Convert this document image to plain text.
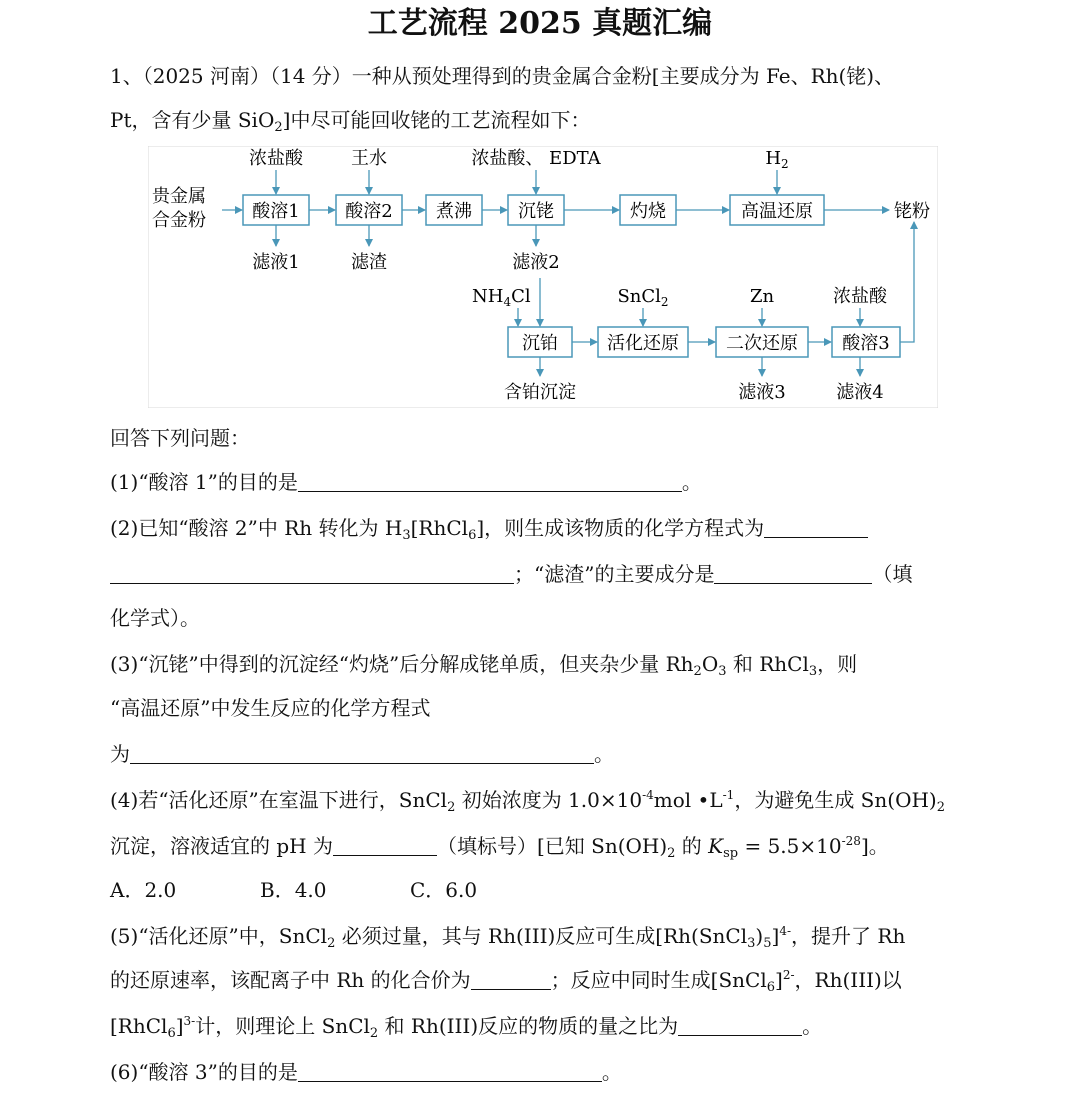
工艺流程 2025 真题汇编
1、（2025 河南）（14 分）一种从预处理得到的贵金属合金粉[主要成分为 Fe、Rh(铑)、
Pt，含有少量 SiO$_2$]中尽可能回收铑的工艺流程如下：
贵金属
合金粉	酸溶1	酸溶2 煮沸	沉铑	灼烧	高温还原	铑粉
浓盐酸	王水	浓盐酸、 EDTA	$H_2$
滤液1	滤渣	滤液2
沉铂	活化还原	二次还原 酸溶3
$NH_4Cl$	SnCl$_2$	Zn	浓盐酸
含铂沉淀	滤液3	滤液4
回答下列问题：
(1)“酸溶 1”的目的是	。
(2)已知“酸溶 2”中 Rh 转化为 $H_3[RhCl_6]$，则生成该物质的化学方程式为
；“滤渣”的主要成分是	（填
化学式）。
(3)“沉铑”中得到的沉淀经“灼烧”后分解成铑单质，但夹杂少量 $Rh_2O_3$ 和 RhCl$_3$，则
“高温还原”中发生反应的化学方程式
为	。
(4)若“活化还原”在室温下进行，SnCl$_2$ 初始浓度为 $1.0\times 10^{-4}mol$ $•L^{-1}$，为避免生成 $Sn(OH)_2$
沉淀，溶液适宜的 pH 为	（填标号）[已知 $Sn(OH)_2$ 的 $K_{sp} = 5.5\times 10^{-28}$]。
A．2.0	B．4.0	C．6.0
(5)“活化还原”中，SnCl$_2$ 必须过量，其与 Rh(III)反应可生成$[Rh(SnCl_3)_5]^{4-}$，提升了 Rh
的还原速率，该配离子中 Rh 的化合价为	；反应中同时生成[SnCl$_6$]$^{2-}$，Rh(III)以
[RhCl$_6$]$^{3-}$计，则理论上 SnCl$_2$ 和 Rh(III)反应的物质的量之比为	。
(6)“酸溶 3”的目的是	。
